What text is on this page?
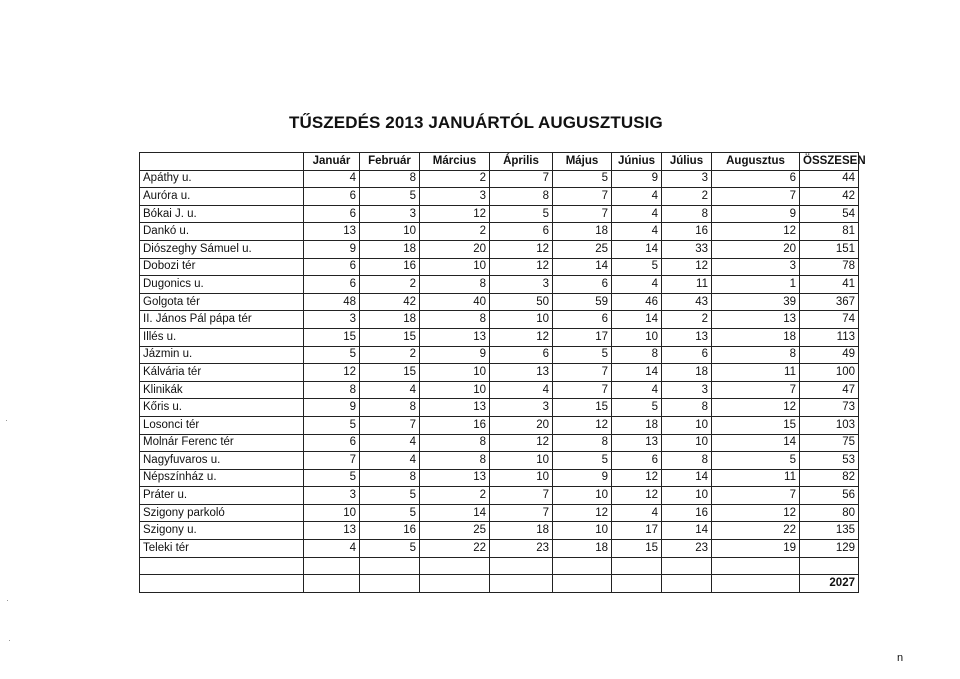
TŰSZEDÉS 2013 JANUÁRTÓL AUGUSZTUSIG
	Január	Február	Március	Április	Május	Június	Július	Augusztus	ÖSSZESEN
Apáthy u.	4	8	2	7	5	9	3	6	44
Auróra u.	6	5	3	8	7	4	2	7	42
Bókai J. u.	6	3	12	5	7	4	8	9	54
Dankó u.	13	10	2	6	18	4	16	12	81
Diószeghy Sámuel u.	9	18	20	12	25	14	33	20	151
Dobozi tér	6	16	10	12	14	5	12	3	78
Dugonics u.	6	2	8	3	6	4	11	1	41
Golgota tér	48	42	40	50	59	46	43	39	367
II. János Pál pápa tér	3	18	8	10	6	14	2	13	74
Illés u.	15	15	13	12	17	10	13	18	113
Jázmin u.	5	2	9	6	5	8	6	8	49
Kálvária tér	12	15	10	13	7	14	18	11	100
Klinikák	8	4	10	4	7	4	3	7	47
Kőris u.	9	8	13	3	15	5	8	12	73
Losonci tér	5	7	16	20	12	18	10	15	103
Molnár Ferenc tér	6	4	8	12	8	13	10	14	75
Nagyfuvaros u.	7	4	8	10	5	6	8	5	53
Népszínház u.	5	8	13	10	9	12	14	11	82
Práter u.	3	5	2	7	10	12	10	7	56
Szigony parkoló	10	5	14	7	12	4	16	12	80
Szigony u.	13	16	25	18	10	17	14	22	135
Teleki tér	4	5	22	23	18	15	23	19	129

									2027
n
